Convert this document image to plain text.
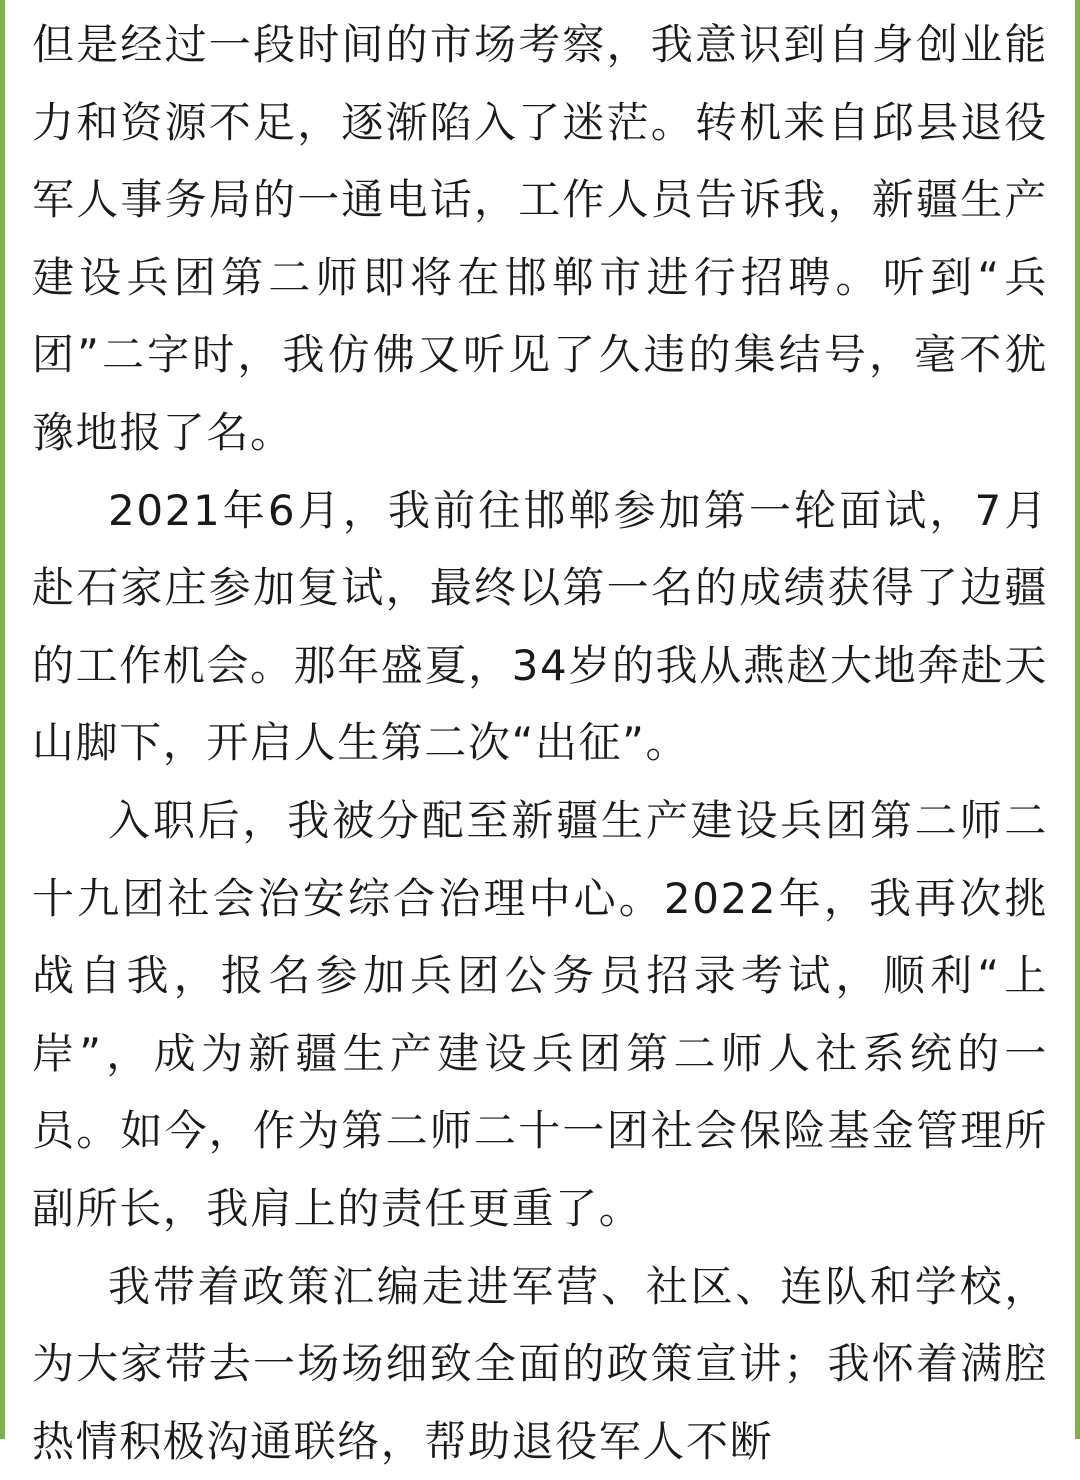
但是经过一段时间的市场考察，我意识到自身创业能力和资源不足，逐渐陷入了迷茫。转机来自邱县退役军人事务局的一通电话，工作人员告诉我，新疆生产建设兵团第二师即将在邯郸市进行招聘。听到“兵团”二字时，我仿佛又听见了久违的集结号，毫不犹豫地报了名。

2021年6月，我前往邯郸参加第一轮面试，7月赴石家庄参加复试，最终以第一名的成绩获得了边疆的工作机会。那年盛夏，34岁的我从燕赵大地奔赴天山脚下，开启人生第二次“出征”。

入职后，我被分配至新疆生产建设兵团第二师二十九团社会治安综合治理中心。2022年，我再次挑战自我，报名参加兵团公务员招录考试，顺利“上岸”，成为新疆生产建设兵团第二师人社系统的一员。如今，作为第二师二十一团社会保险基金管理所副所长，我肩上的责任更重了。

我带着政策汇编走进军营、社区、连队和学校，为大家带去一场场细致全面的政策宣讲；我怀着满腔热情积极沟通联络，帮助退役军人不断
